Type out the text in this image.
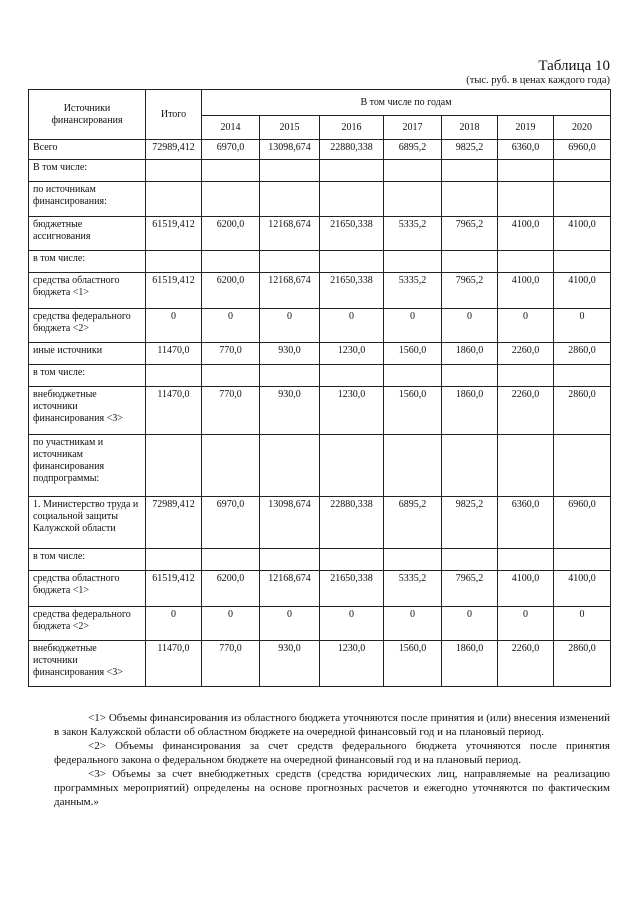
Таблица 10
(тыс. руб. в ценах каждого года)
Источники финансирования	Итого	В том числе по годам						
		2014	2015	2016	2017	2018	2019	2020
Всего	72989,412	6970,0	13098,674	22880,338	6895,2	9825,2	6360,0	6960,0
В том числе:								
по источникам финансирования:								
бюджетные ассигнования	61519,412	6200,0	12168,674	21650,338	5335,2	7965,2	4100,0	4100,0
в том числе:								
средства областного бюджета <1>	61519,412	6200,0	12168,674	21650,338	5335,2	7965,2	4100,0	4100,0
средства федерального бюджета <2>	0	0	0	0	0	0	0	0
иные источники	11470,0	770,0	930,0	1230,0	1560,0	1860,0	2260,0	2860,0
в том числе:								
внебюджетные источники финансирования <3>	11470,0	770,0	930,0	1230,0	1560,0	1860,0	2260,0	2860,0
по участникам и источникам финансирования подпрограммы:								
1. Министерство труда и социальной защиты Калужской области	72989,412	6970,0	13098,674	22880,338	6895,2	9825,2	6360,0	6960,0
в том числе:								
средства областного бюджета <1>	61519,412	6200,0	12168,674	21650,338	5335,2	7965,2	4100,0	4100,0
средства федерального бюджета <2>	0	0	0	0	0	0	0	0
внебюджетные источники финансирования <3>	11470,0	770,0	930,0	1230,0	1560,0	1860,0	2260,0	2860,0

<1> Объемы финансирования из областного бюджета уточняются после принятия и (или) внесения изменений в закон Калужской области об областном бюджете на очередной финансовый год и на плановый период.

<2> Объемы финансирования за счет средств федерального бюджета уточняются после принятия федерального закона о федеральном бюджете на очередной финансовый год и на плановый период.

<3> Объемы за счет внебюджетных средств (средства юридических лиц, направляемые на реализацию программных мероприятий) определены на основе прогнозных расчетов и ежегодно уточняются по фактическим данным.»
